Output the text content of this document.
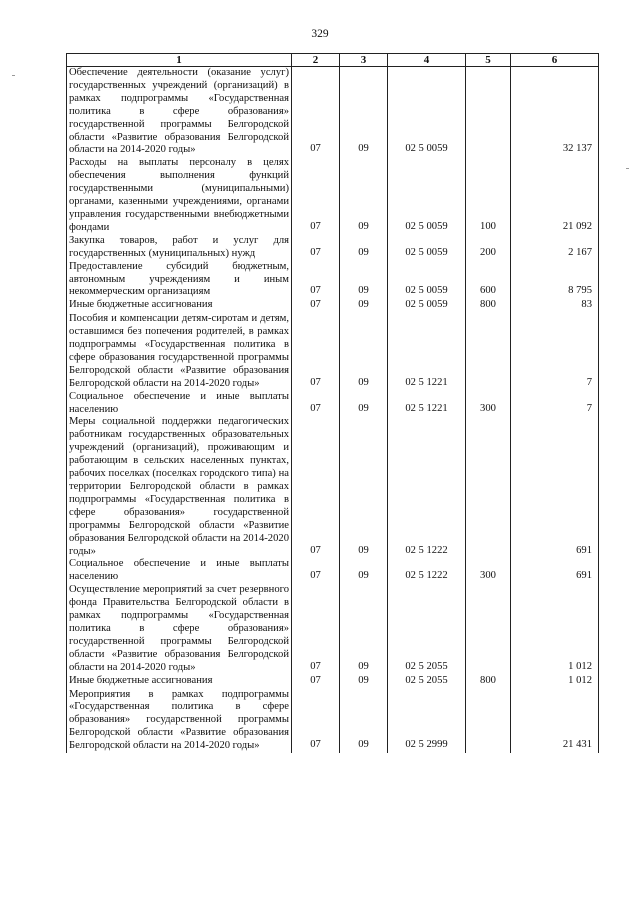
329
1	2	3	4	5	6
Обеспечение деятельности (оказание услуг) государственных учреждений (организаций) в рамках подпрограммы «Государственная политика в сфере образования» государственной программы Белгородской области «Развитие образования Белгородской области на 2014-2020 годы»	07	09	02 5 0059		32 137
Расходы на выплаты персоналу в целях обеспечения выполнения функций государственными (муниципальными) органами, казенными учреждениями, органами управления государственными внебюджетными фондами	07	09	02 5 0059	100	21 092
Закупка товаров, работ и услуг для государственных (муниципальных) нужд	07	09	02 5 0059	200	2 167
Предоставление субсидий бюджетным, автономным учреждениям и иным некоммерческим организациям	07	09	02 5 0059	600	8 795
Иные бюджетные ассигнования	07	09	02 5 0059	800	83
Пособия и компенсации детям-сиротам и детям, оставшимся без попечения родителей, в рамках подпрограммы «Государственная политика в сфере образования государственной программы Белгородской области «Развитие образования Белгородской области на 2014-2020 годы»	07	09	02 5 1221		7
Социальное обеспечение и иные выплаты населению	07	09	02 5 1221	300	7
Меры социальной поддержки педагогических работникам государственных образовательных учреждений (организаций), проживающим и работающим в сельских населенных пунктах, рабочих поселках (поселках городского типа) на территории Белгородской области в рамках подпрограммы «Государственная политика в сфере образования» государственной программы Белгородской области «Развитие образования Белгородской области на 2014-2020 годы»	07	09	02 5 1222		691
Социальное обеспечение и иные выплаты населению	07	09	02 5 1222	300	691
Осуществление мероприятий за счет резервного фонда Правительства Белгородской области в рамках подпрограммы «Государственная политика в сфере образования» государственной программы Белгородской области «Развитие образования Белгородской области на 2014-2020 годы»	07	09	02 5 2055		1 012
Иные бюджетные ассигнования	07	09	02 5 2055	800	1 012
Мероприятия в рамках подпрограммы «Государственная политика в сфере образования» государственной программы Белгородской области «Развитие образования Белгородской области на 2014-2020 годы»	07	09	02 5 2999		21 431
